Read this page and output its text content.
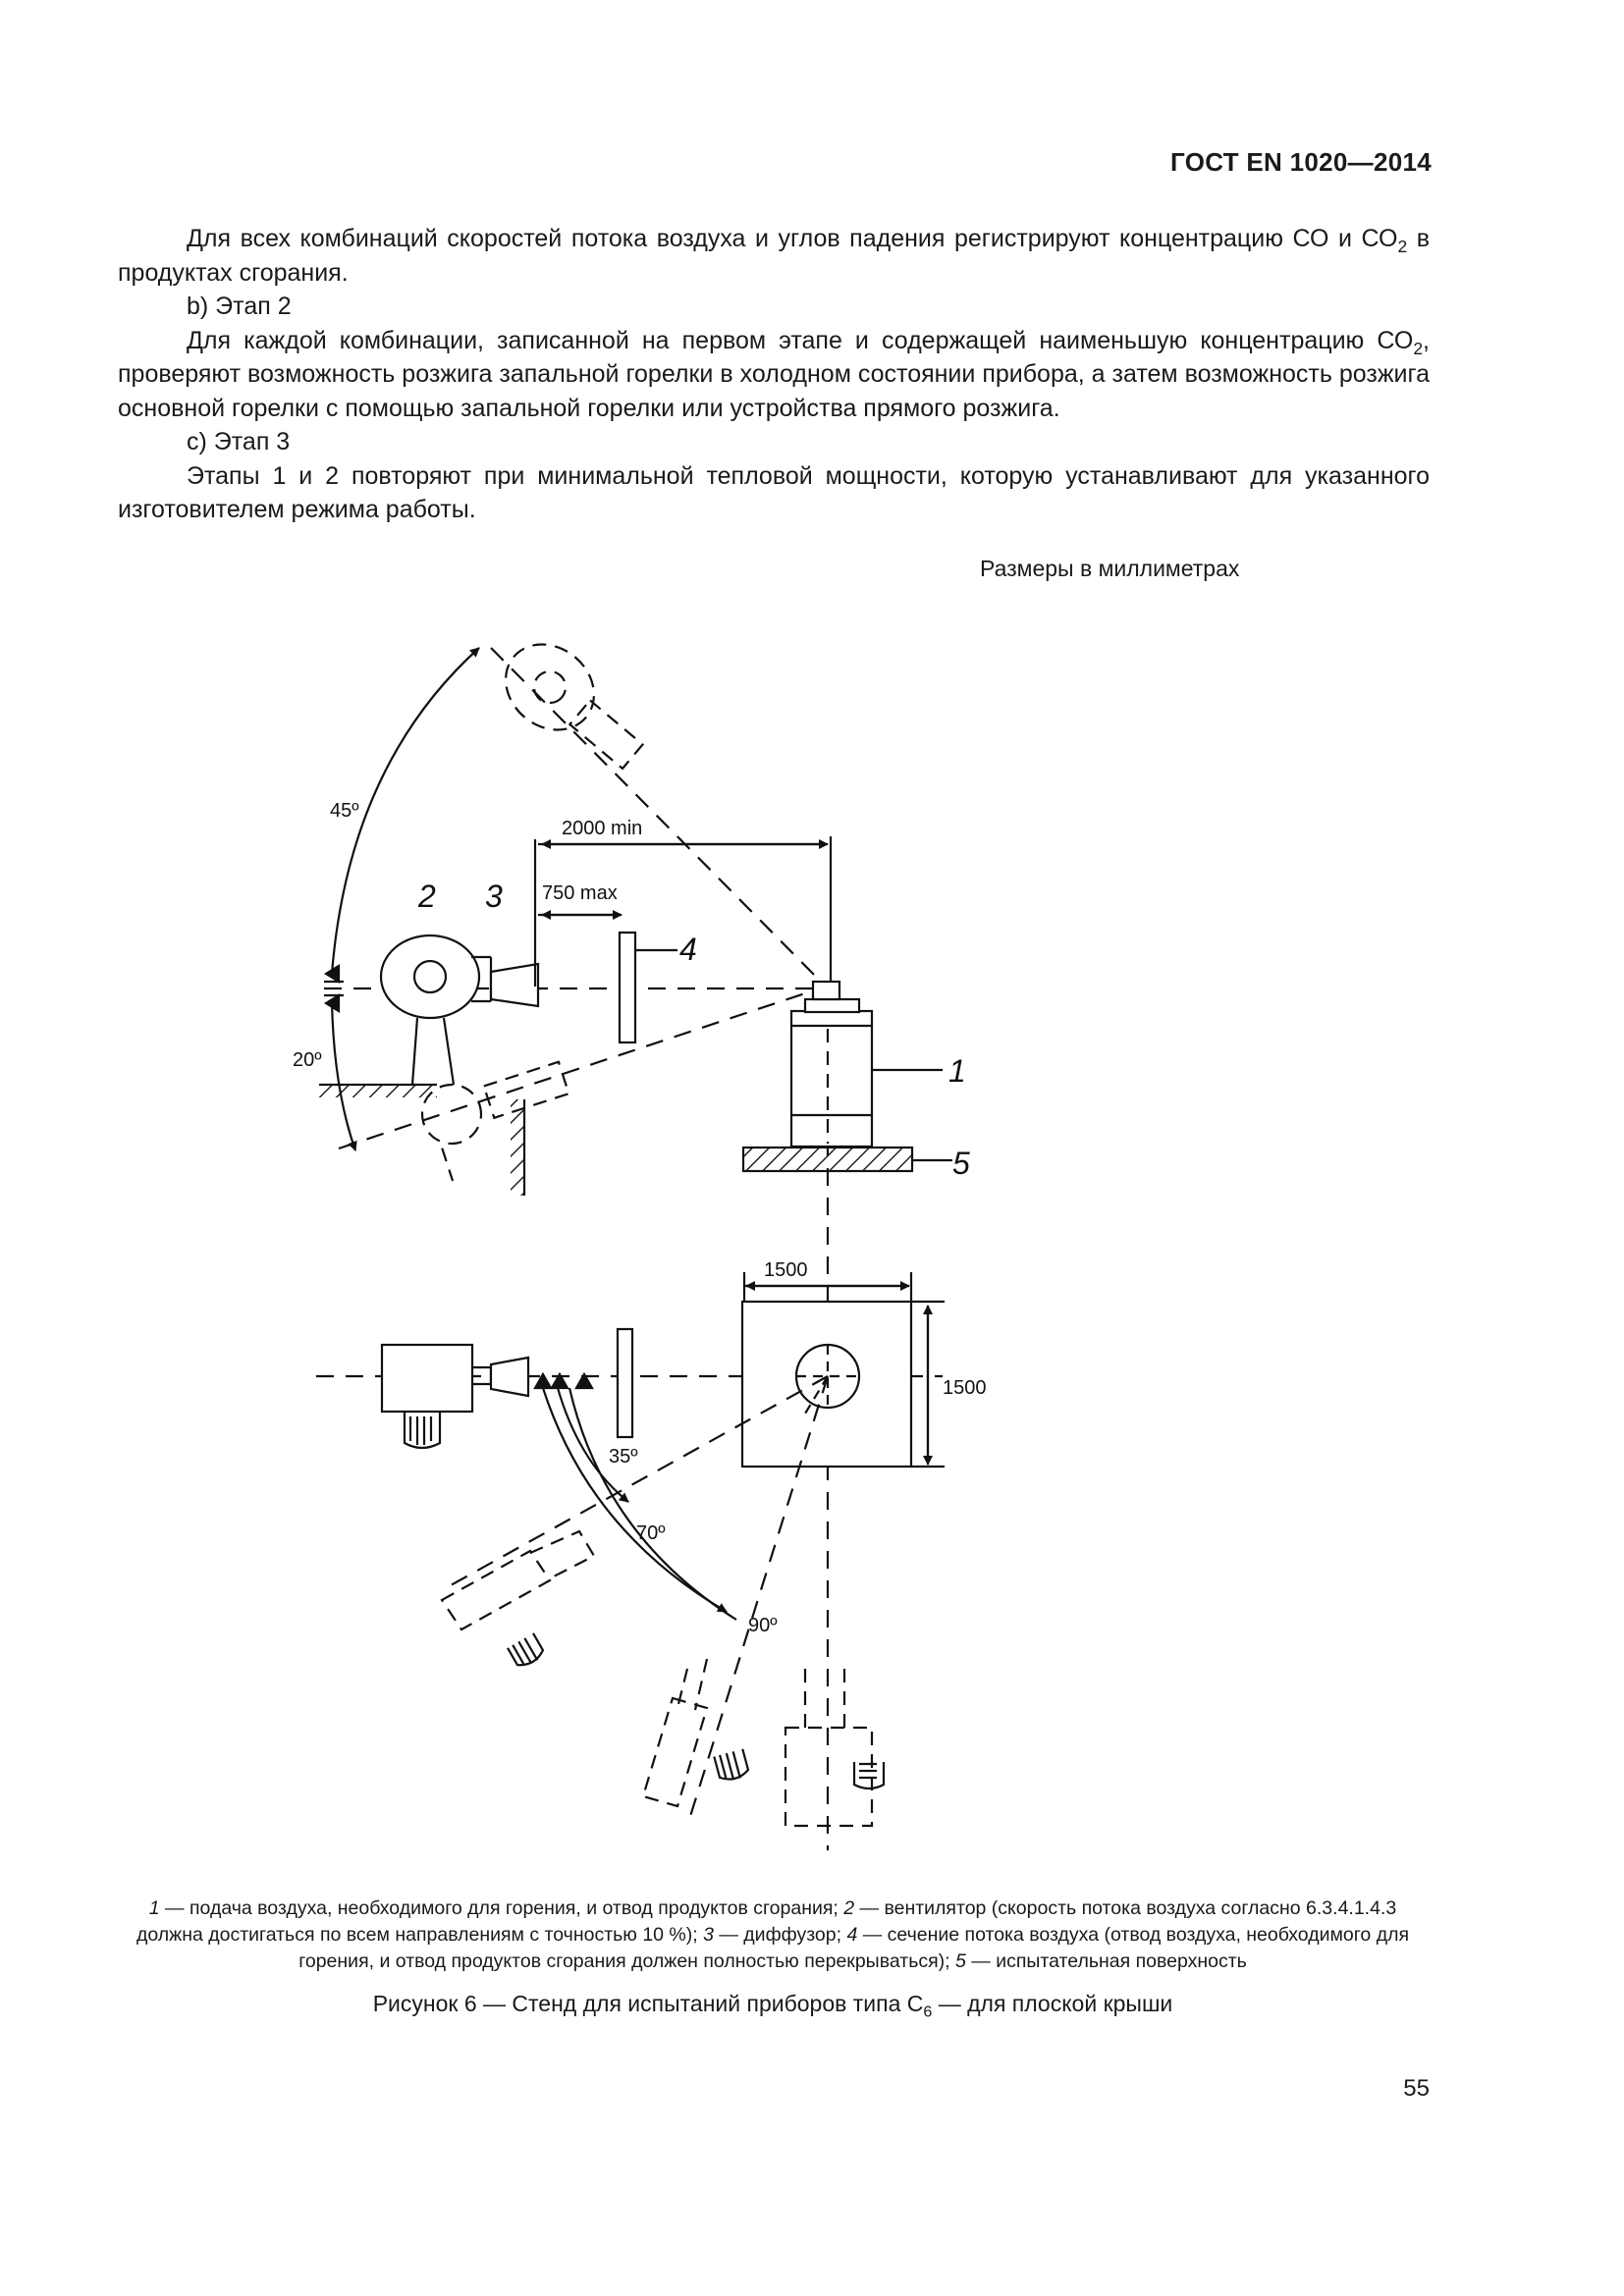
ГОСТ EN 1020—2014

Для всех комбинаций скоростей потока воздуха и углов падения регистрируют концентрацию СО и $СО_2$ в продуктах сгорания.

b) Этап 2

Для каждой комбинации, записанной на первом этапе и содержащей наименьшую концентрацию $СО_2$, проверяют возможность розжига запальной горелки в холодном состоянии прибора, а затем возможность розжига основной горелки с помощью запальной горелки или устройства прямого розжига.

с) Этап 3

Этапы 1 и 2 повторяют при минимальной тепловой мощности, которую устанавливают для указанного изготовителем режима работы.

Размеры в миллиметрах
2000 min
750 max
45º
20º
2 3
4
1
5
1500
1500
35º
70º
90º
1 — подача воздуха, необходимого для горения, и отвод продуктов сгорания; 2 — вентилятор (скорость потока воздуха согласно 6.3.4.1.4.3 должна достигаться по всем направлениям с точностью 10 %); 3 — диффузор; 4 — сечение потока воздуха (отвод воздуха, необходимого для горения, и отвод продуктов сгорания должен полностью перекрываться); 5 — испытательная поверхность
Рисунок 6 — Стенд для испытаний приборов типа $С_6$ — для плоской крыши
55
